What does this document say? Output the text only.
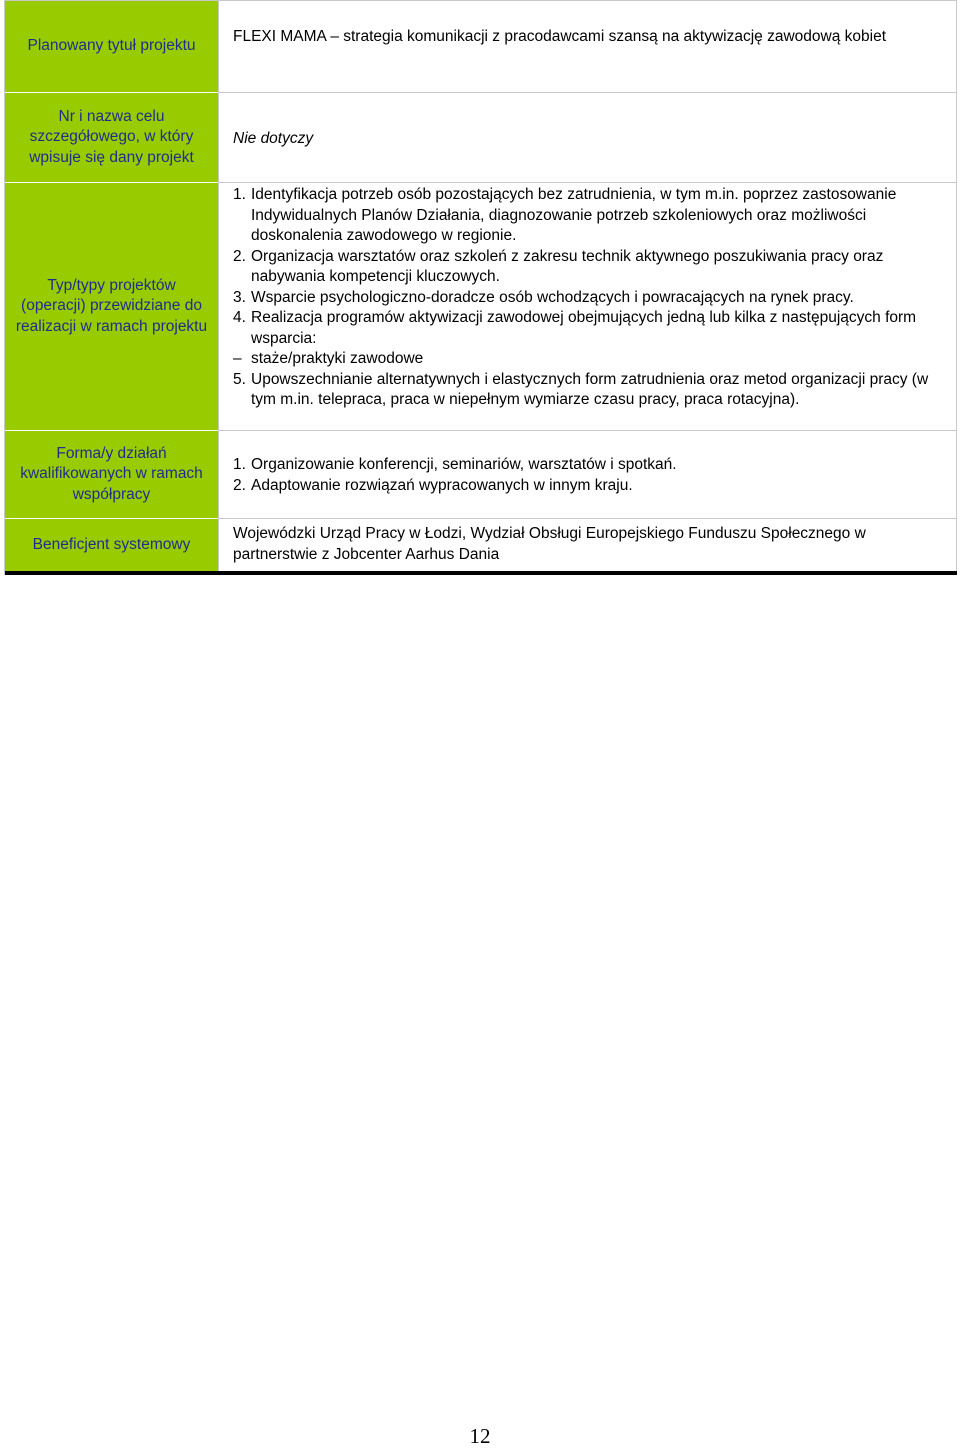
Planowany tytuł projektu
FLEXI MAMA – strategia komunikacji z pracodawcami szansą na aktywizację zawodową kobiet
Nr i nazwa celu szczegółowego, w który wpisuje się dany projekt
Nie dotyczy
Typ/typy projektów (operacji) przewidziane do realizacji w ramach projektu
1. Identyfikacja potrzeb osób pozostających bez zatrudnienia, w tym m.in. poprzez zastosowanie Indywidualnych Planów Działania, diagnozowanie potrzeb szkoleniowych oraz możliwości doskonalenia zawodowego w regionie.
2. Organizacja warsztatów oraz szkoleń z zakresu technik aktywnego poszukiwania pracy oraz nabywania kompetencji kluczowych.
3. Wsparcie psychologiczno-doradcze osób wchodzących i powracających na rynek pracy.
4. Realizacja programów aktywizacji zawodowej obejmujących jedną lub kilka z następujących form wsparcia:
– staże/praktyki zawodowe
5. Upowszechnianie alternatywnych i elastycznych form zatrudnienia oraz metod organizacji pracy (w tym m.in. telepraca, praca w niepełnym wymiarze czasu pracy, praca rotacyjna).
Forma/y działań kwalifikowanych w ramach współpracy
1. Organizowanie konferencji, seminariów, warsztatów i spotkań.
2. Adaptowanie rozwiązań wypracowanych w innym kraju.
Beneficjent systemowy
Wojewódzki Urząd Pracy w Łodzi, Wydział Obsługi Europejskiego Funduszu Społecznego w partnerstwie z Jobcenter Aarhus Dania
12
